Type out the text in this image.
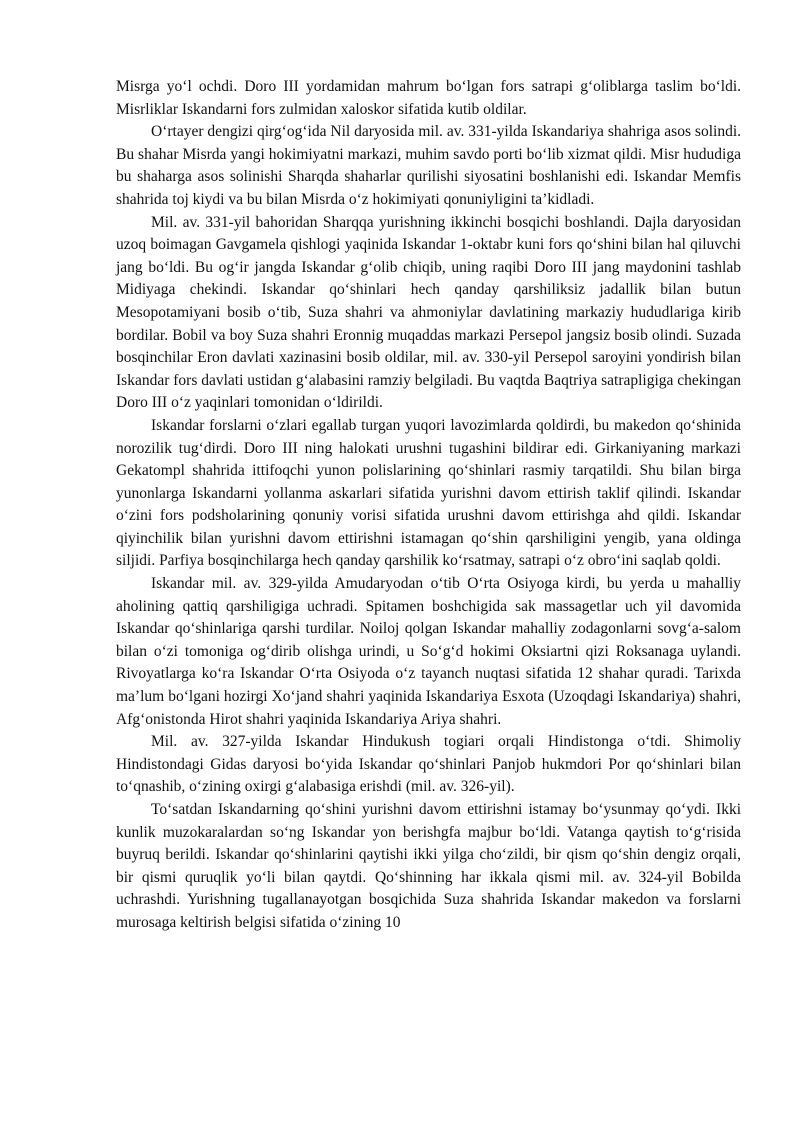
Misrga yo‘l ochdi. Doro III yordamidan mahrum bo‘lgan fors satrapi g‘oliblarga taslim bo‘ldi. Misrliklar Iskandarni fors zulmidan xaloskor sifatida kutib oldilar.

O‘rtayer dengizi qirg‘og‘ida Nil daryosida mil. av. 331-yilda Iskandariya shahriga asos solindi. Bu shahar Misrda yangi hokimiyatni markazi, muhim savdo porti bo‘lib xizmat qildi. Misr hududiga bu shaharga asos solinishi Sharqda shaharlar qurilishi siyosatini boshlanishi edi. Iskandar Memfis shahrida toj kiydi va bu bilan Misrda o‘z hokimiyati qonuniyligini ta’kidladi.

Mil. av. 331-yil bahoridan Sharqqa yurishning ikkinchi bosqichi boshlandi. Dajla daryosidan uzoq boimagan Gavgamela qishlogi yaqinida Iskandar 1-oktabr kuni fors qo‘shini bilan hal qiluvchi jang bo‘ldi. Bu og‘ir jangda Iskandar g‘olib chiqib, uning raqibi Doro III jang maydonini tashlab Midiyaga chekindi. Iskandar qo‘shinlari hech qanday qarshiliksiz jadallik bilan butun Mesopotamiyani bosib o‘tib, Suza shahri va ahmoniylar davlatining markaziy hududlariga kirib bordilar. Bobil va boy Suza shahri Eronnig muqaddas markazi Persepol jangsiz bosib olindi. Suzada bosqinchilar Eron davlati xazinasini bosib oldilar, mil. av. 330-yil Persepol saroyini yondirish bilan Iskandar fors davlati ustidan g‘alabasini ramziy belgiladi. Bu vaqtda Baqtriya satrapligiga chekingan Doro III o‘z yaqinlari tomonidan o‘ldirildi.

Iskandar forslarni o‘zlari egallab turgan yuqori lavozimlarda qoldirdi, bu makedon qo‘shinida norozilik tug‘dirdi. Doro III ning halokati urushni tugashini bildirar edi. Girkaniyaning markazi Gekatompl shahrida ittifoqchi yunon polislarining qo‘shinlari rasmiy tarqatildi. Shu bilan birga yunonlarga Iskandarni yollanma askarlari sifatida yurishni davom ettirish taklif qilindi. Iskandar o‘zini fors podsholarining qonuniy vorisi sifatida urushni davom ettirishga ahd qildi. Iskandar qiyinchilik bilan yurishni davom ettirishni istamagan qo‘shin qarshiligini yengib, yana oldinga siljidi. Parfiya bosqinchilarga hech qanday qarshilik ko‘rsatmay, satrapi o‘z obro‘ini saqlab qoldi.

Iskandar mil. av. 329-yilda Amudaryodan o‘tib O‘rta Osiyoga kirdi, bu yerda u mahalliy aholining qattiq qarshiligiga uchradi. Spitamen boshchigida sak massagetlar uch yil davomida Iskandar qo‘shinlariga qarshi turdilar. Noiloj qolgan Iskandar mahalliy zodagonlarni sovg‘a-salom bilan o‘zi tomoniga og‘dirib olishga urindi, u So‘g‘d hokimi Oksiartni qizi Roksanaga uylandi. Rivoyatlarga ko‘ra Iskandar O‘rta Osiyoda o‘z tayanch nuqtasi sifatida 12 shahar quradi. Tarixda ma’lum bo‘lgani hozirgi Xo‘jand shahri yaqinida Iskandariya Esxota (Uzoqdagi Iskandariya) shahri, Afg‘onistonda Hirot shahri yaqinida Iskandariya Ariya shahri.

Mil. av. 327-yilda Iskandar Hindukush togiari orqali Hindistonga o‘tdi. Shimoliy Hindistondagi Gidas daryosi bo‘yida Iskandar qo‘shinlari Panjob hukmdori Por qo‘shinlari bilan to‘qnashib, o‘zining oxirgi g‘alabasiga erishdi (mil. av. 326-yil).

To‘satdan Iskandarning qo‘shini yurishni davom ettirishni istamay bo‘ysunmay qo‘ydi. Ikki kunlik muzokaralardan so‘ng Iskandar yon berishgfa majbur bo‘ldi. Vatanga qaytish to‘g‘risida buyruq berildi. Iskandar qo‘shinlarini qaytishi ikki yilga cho‘zildi, bir qism qo‘shin dengiz orqali, bir qismi quruqlik yo‘li bilan qaytdi. Qo‘shinning har ikkala qismi mil. av. 324-yil Bobilda uchrashdi. Yurishning tugallanayotgan bosqichida Suza shahrida Iskandar makedon va forslarni murosaga keltirish belgisi sifatida o‘zining 10
